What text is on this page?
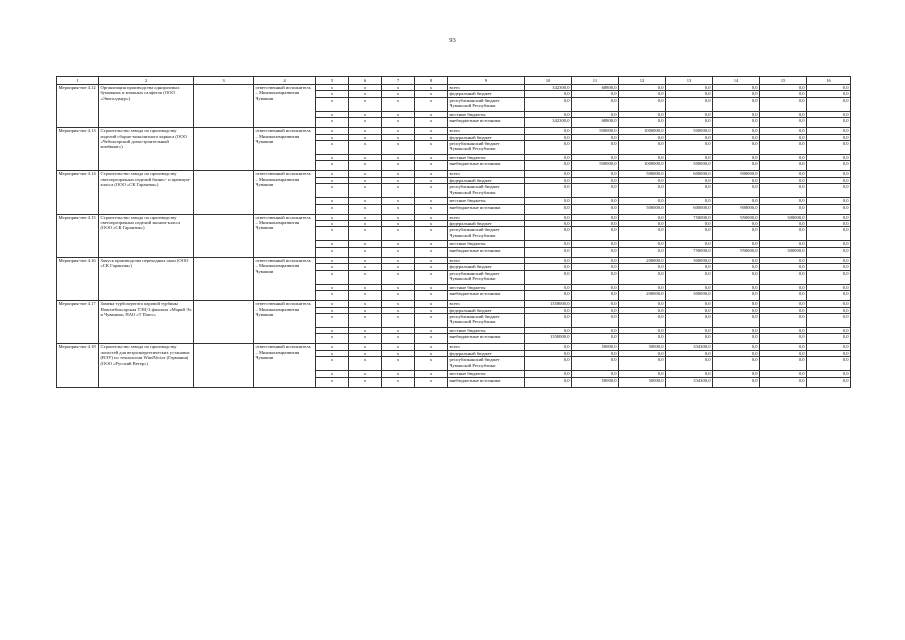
93
1	2	3	4	5	6	7	8	9	10	11	12	13	14	15	16
Мероприя-тие 4.12	Организация производства одноразовых бумажных и влажных салфеток (ООО «Эвоголдмур»)		ответственный исполнитель – Минэкономразвития Чувашии	x	x	x	x	всего	342300,0	68800,0	0,0	0,0	0,0	0,0	0,0
				x	x	x	x	федеральный бюджет	0,0	0,0	0,0	0,0	0,0	0,0	0,0
				x	x	x	x	республиканский бюджет Чувашской Республики	0,0	0,0	0,0	0,0	0,0	0,0	0,0
				x	x	x	x	местные бюджеты	0,0	0,0	0,0	0,0	0,0	0,0	0,0
				x	x	x	x	внебюджетные источники	342300,0	68800,0	0,0	0,0	0,0	0,0	0,0
Мероприя-тие 4.13	Строительство завода по производству изделий сборно-монолитного каркаса (ООО «Чебоксарский домостроительный комбинат»)		ответственный исполнитель – Минэкономразвития Чувашии	x	x	x	x	всего	0,0	500000,0	1000000,0	500000,0	0,0	0,0	0,0
				x	x	x	x	федеральный бюджет	0,0	0,0	0,0	0,0	0,0	0,0	0,0
				x	x	x	x	республиканский бюджет Чувашской Республики	0,0	0,0	0,0	0,0	0,0	0,0	0,0
				x	x	x	x	местные бюджеты	0,0	0,0	0,0	0,0	0,0	0,0	0,0
				x	x	x	x	внебюджетные источники	0,0	500000,0	1000000,0	500000,0	0,0	0,0	0,0
Мероприя-тие 4.14	Строительство завода по производству светопрозрачных изделий бизнес- и премиум-класса (ООО «СК Гарантия»)		ответственный исполнитель – Минэкономразвития Чувашии	x	x	x	x	всего	0,0	0,0	500000,0	600000,0	900000,0	0,0	0,0
				x	x	x	x	федеральный бюджет	0,0	0,0	0,0	0,0	0,0	0,0	0,0
				x	x	x	x	республиканский бюджет Чувашской Республики	0,0	0,0	0,0	0,0	0,0	0,0	0,0
				x	x	x	x	местные бюджеты	0,0	0,0	0,0	0,0	0,0	0,0	0,0
				x	x	x	x	внебюджетные источники	0,0	0,0	500000,0	600000,0	900000,0	0,0	0,0
Мероприя-тие 4.15	Строительство завода по производству светопрозрачных изделий эконом-класса (ООО «СК Гарантия»)		ответственный исполнитель – Минэкономразвития Чувашии	x	x	x	x	всего	0,0	0,0	0,0	750000,0	950000,0	300000,0	0,0
				x	x	x	x	федеральный бюджет	0,0	0,0	0,0	0,0	0,0	0,0	0,0
				x	x	x	x	республиканский бюджет Чувашской Республики	0,0	0,0	0,0	0,0	0,0	0,0	0,0
				x	x	x	x	местные бюджеты	0,0	0,0	0,0	0,0	0,0	0,0	0,0
				x	x	x	x	внебюджетные источники	0,0	0,0	0,0	750000,0	950000,0	300000,0	0,0
Мероприя-тие 4.16	Запуск производства переходных окон (ООО «СК Гарантия»)		ответственный исполнитель – Минэкономразвития Чувашии	x	x	x	x	всего	0,0	0,0	200000,0	300000,0	0,0	0,0	0,0
				x	x	x	x	федеральный бюджет	0,0	0,0	0,0	0,0	0,0	0,0	0,0
				x	x	x	x	республиканский бюджет Чувашской Республики	0,0	0,0	0,0	0,0	0,0	0,0	0,0
				x	x	x	x	местные бюджеты	0,0	0,0	0,0	0,0	0,0	0,0	0,0
				x	x	x	x	внебюджетные источники	0,0	0,0	200000,0	300000,0	0,0	0,0	0,0
Мероприя-тие 4.17	Замена турбоагрегата паровой турбины Новочебоксарская ТЭЦ-3 филиала «Марий Эл и Чувашии» ПАО «Т Плюс»		ответственный исполнитель – Минэкономразвития Чувашии	x	x	x	x	всего	1350000,0	0,0	0,0	0,0	0,0	0,0	0,0
				x	x	x	x	федеральный бюджет	0,0	0,0	0,0	0,0	0,0	0,0	0,0
				x	x	x	x	республиканский бюджет Чувашской Республики	0,0	0,0	0,0	0,0	0,0	0,0	0,0
				x	x	x	x	местные бюджеты	0,0	0,0	0,0	0,0	0,0	0,0	0,0
				x	x	x	x	внебюджетные источники	1350000,0	0,0	0,0	0,0	0,0	0,0	0,0
Мероприя-тие 4.18	Строительство завода по производству лопастей для ветроэнергетических установок (ВЭУ) по технологии WindVector (Германия) (ООО «Русский Ветер»)		ответственный исполнитель – Минэкономразвития Чувашии	x	x	x	x	всего	0,0	50000,0	50000,0	334300,0	0,0	0,0	0,0
				x	x	x	x	федеральный бюджет	0,0	0,0	0,0	0,0	0,0	0,0	0,0
				x	x	x	x	республиканский бюджет Чувашской Республики	0,0	0,0	0,0	0,0	0,0	0,0	0,0
				x	x	x	x	местные бюджеты	0,0	0,0	0,0	0,0	0,0	0,0	0,0
				x	x	x	x	внебюджетные источники	0,0	50000,0	50000,0	334300,0	0,0	0,0	0,0
